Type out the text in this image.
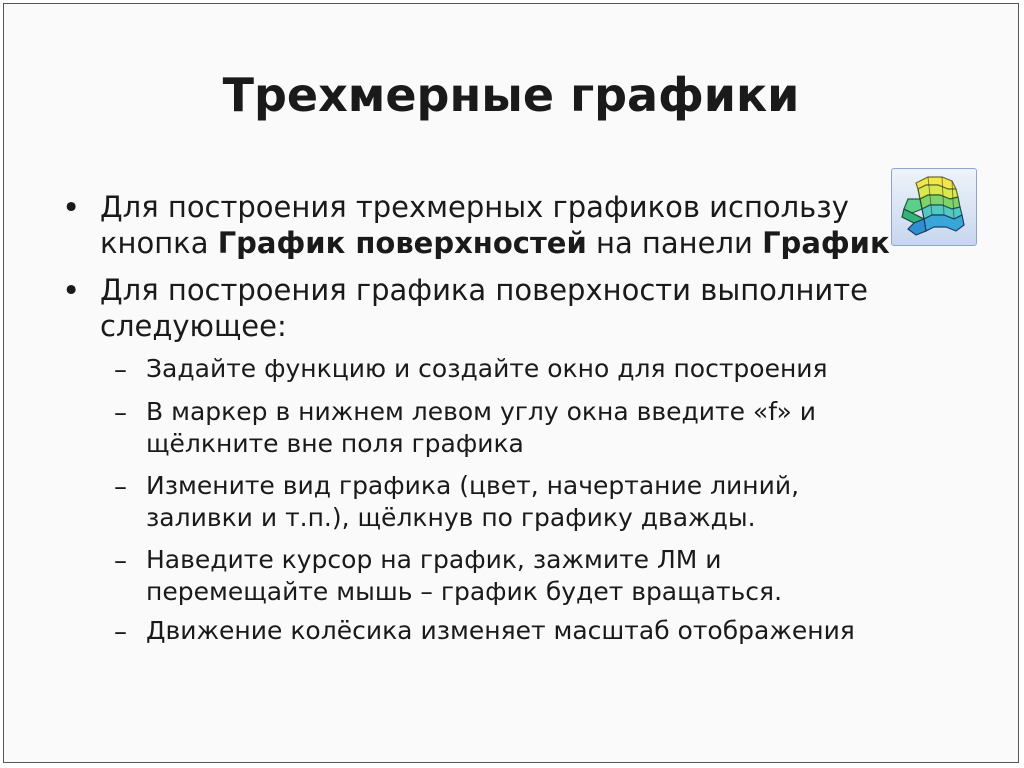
Трехмерные графики
• Для построения трехмерных графиков использу
кнопка График поверхностей на панели График
• Для построения графика поверхности выполните
следующее:
– Задайте функцию и создайте окно для построения
– В маркер в нижнем левом углу окна введите «f» и
щёлкните вне поля графика
– Измените вид графика (цвет, начертание линий,
заливки и т.п.), щёлкнув по графику дважды.
– Наведите курсор на график, зажмите ЛМ и
перемещайте мышь – график будет вращаться.
– Движение колёсика изменяет масштаб отображения
